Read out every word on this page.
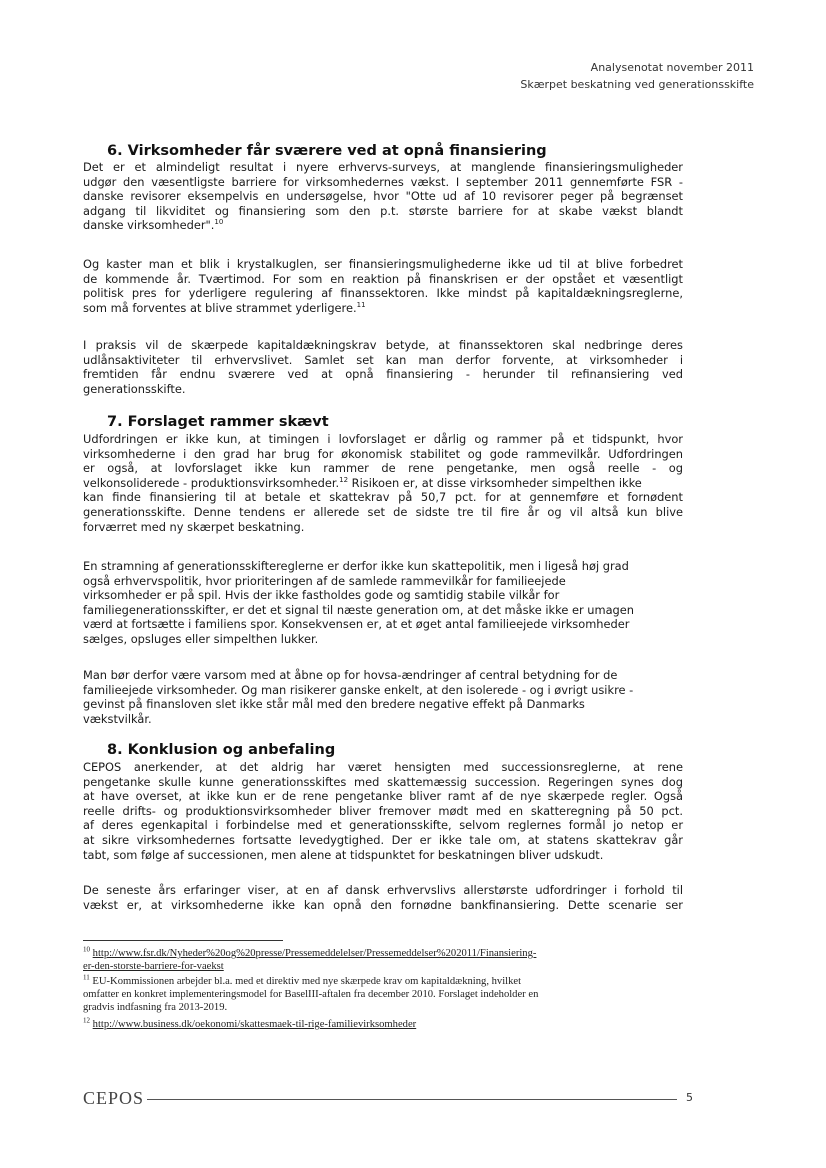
Analysenotat november 2011
Skærpet beskatning ved generationsskifte
6. Virksomheder får sværere ved at opnå finansiering
Det er et almindeligt resultat i nyere erhvervs-surveys, at manglende finansieringsmuligheder
udgør den væsentligste barriere for virksomhedernes vækst. I september 2011 gennemførte FSR -
danske revisorer eksempelvis en undersøgelse, hvor "Otte ud af 10 revisorer peger på begrænset
adgang til likviditet og finansiering som den p.t. største barriere for at skabe vækst blandt
danske virksomheder".$^{10}$
Og kaster man et blik i krystalkuglen, ser finansieringsmulighederne ikke ud til at blive forbedret
de kommende år. Tværtimod. For som en reaktion på finanskrisen er der opstået et væsentligt
politisk pres for yderligere regulering af finanssektoren. Ikke mindst på kapitaldækningsreglerne,
som må forventes at blive strammet yderligere.$^{11}$
I praksis vil de skærpede kapitaldækningskrav betyde, at finanssektoren skal nedbringe deres
udlånsaktiviteter til erhvervslivet. Samlet set kan man derfor forvente, at virksomheder i
fremtiden får endnu sværere ved at opnå finansiering - herunder til refinansiering ved
generationsskifte.
7. Forslaget rammer skævt
Udfordringen er ikke kun, at timingen i lovforslaget er dårlig og rammer på et tidspunkt, hvor
virksomhederne i den grad har brug for økonomisk stabilitet og gode rammevilkår. Udfordringen
er også, at lovforslaget ikke kun rammer de rene pengetanke, men også reelle - og
velkonsoliderede - produktionsvirksomheder.$^{12}$ Risikoen er, at disse virksomheder simpelthen ikke
kan finde finansiering til at betale et skattekrav på 50,7 pct. for at gennemføre et fornødent
generationsskifte. Denne tendens er allerede set de sidste tre til fire år og vil altså kun blive
forværret med ny skærpet beskatning.
En stramning af generationsskiftereglerne er derfor ikke kun skattepolitik, men i ligeså høj grad
også erhvervspolitik, hvor prioriteringen af de samlede rammevilkår for familieejede
virksomheder er på spil. Hvis der ikke fastholdes gode og samtidig stabile vilkår for
familiegenerationsskifter, er det et signal til næste generation om, at det måske ikke er umagen
værd at fortsætte i familiens spor. Konsekvensen er, at et øget antal familieejede virksomheder
sælges, opsluges eller simpelthen lukker.
Man bør derfor være varsom med at åbne op for hovsa-ændringer af central betydning for de
familieejede virksomheder. Og man risikerer ganske enkelt, at den isolerede - og i øvrigt usikre -
gevinst på finansloven slet ikke står mål med den bredere negative effekt på Danmarks
vækstvilkår.
8. Konklusion og anbefaling
CEPOS anerkender, at det aldrig har været hensigten med successionsreglerne, at rene
pengetanke skulle kunne generationsskiftes med skattemæssig succession. Regeringen synes dog
at have overset, at ikke kun er de rene pengetanke bliver ramt af de nye skærpede regler. Også
reelle drifts- og produktionsvirksomheder bliver fremover mødt med en skatteregning på 50 pct.
af deres egenkapital i forbindelse med et generationsskifte, selvom reglernes formål jo netop er
at sikre virksomhedernes fortsatte levedygtighed. Der er ikke tale om, at statens skattekrav går
tabt, som følge af successionen, men alene at tidspunktet for beskatningen bliver udskudt.
De seneste års erfaringer viser, at en af dansk erhvervslivs allerstørste udfordringer i forhold til
vækst er, at virksomhederne ikke kan opnå den fornødne bankfinansiering. Dette scenarie ser
$^{10}$ http://www.fsr.dk/Nyheder%20og%20presse/Pressemeddelelser/Pressemeddelser%202011/Finansiering-
er-den-storste-barriere-for-vaekst
$^{11}$ EU-Kommissionen arbejder bl.a. med et direktiv med nye skærpede krav om kapitaldækning, hvilket
omfatter en konkret implementeringsmodel for BaselIII-aftalen fra december 2010. Forslaget indeholder en
gradvis indfasning fra 2013-2019.
$^{12}$ http://www.business.dk/oekonomi/skattesmaek-til-rige-familievirksomheder
CEPOS	5
